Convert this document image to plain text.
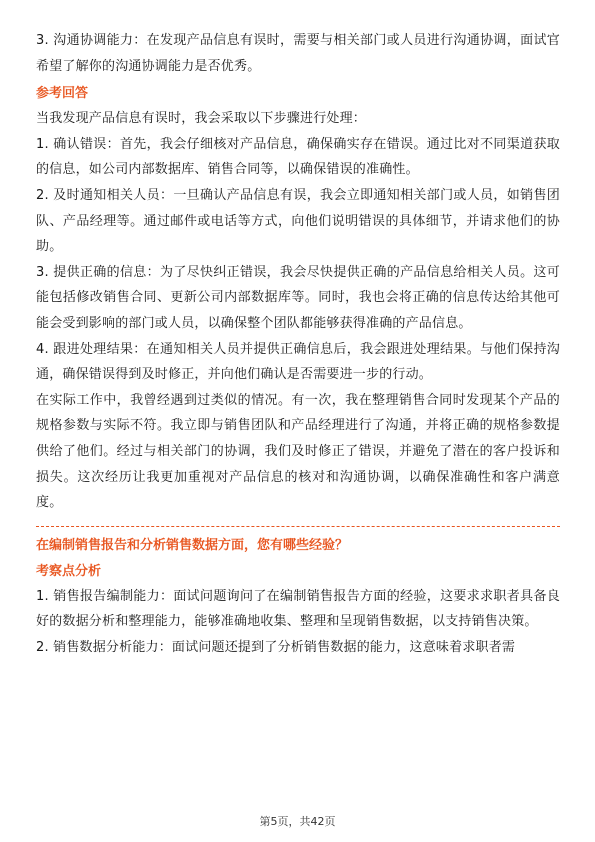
3. 沟通协调能力：在发现产品信息有误时，需要与相关部门或人员进行沟通协调，面试官希望了解你的沟通协调能力是否优秀。

参考回答

当我发现产品信息有误时，我会采取以下步骤进行处理：

1. 确认错误：首先，我会仔细核对产品信息，确保确实存在错误。通过比对不同渠道获取的信息，如公司内部数据库、销售合同等，以确保错误的准确性。

2. 及时通知相关人员：一旦确认产品信息有误，我会立即通知相关部门或人员，如销售团队、产品经理等。通过邮件或电话等方式，向他们说明错误的具体细节，并请求他们的协助。

3. 提供正确的信息：为了尽快纠正错误，我会尽快提供正确的产品信息给相关人员。这可能包括修改销售合同、更新公司内部数据库等。同时，我也会将正确的信息传达给其他可能会受到影响的部门或人员，以确保整个团队都能够获得准确的产品信息。

4. 跟进处理结果：在通知相关人员并提供正确信息后，我会跟进处理结果。与他们保持沟通，确保错误得到及时修正，并向他们确认是否需要进一步的行动。

在实际工作中，我曾经遇到过类似的情况。有一次，我在整理销售合同时发现某个产品的规格参数与实际不符。我立即与销售团队和产品经理进行了沟通，并将正确的规格参数提供给了他们。经过与相关部门的协调，我们及时修正了错误，并避免了潜在的客户投诉和损失。这次经历让我更加重视对产品信息的核对和沟通协调，以确保准确性和客户满意度。

在编制销售报告和分析销售数据方面，您有哪些经验？

考察点分析

1. 销售报告编制能力：面试问题询问了在编制销售报告方面的经验，这要求求职者具备良好的数据分析和整理能力，能够准确地收集、整理和呈现销售数据，以支持销售决策。

2. 销售数据分析能力：面试问题还提到了分析销售数据的能力，这意味着求职者需

第5页，共42页
